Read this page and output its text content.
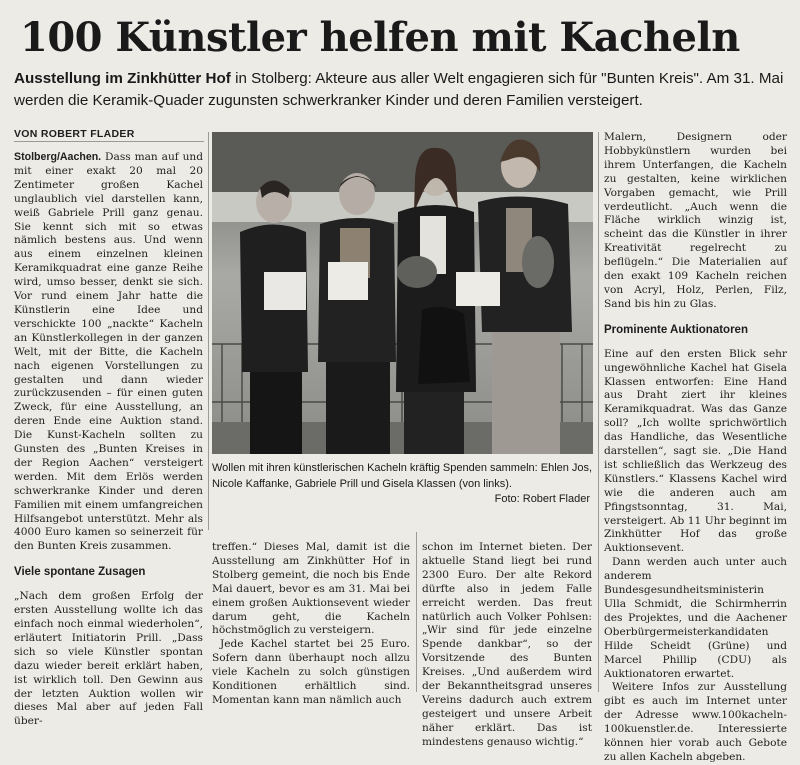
100 Künstler helfen mit Kacheln
Ausstellung im Zinkhütter Hof in Stolberg: Akteure aus aller Welt engagieren sich für "Bunten Kreis". Am 31. Mai werden die Keramik-Quader zugunsten schwerkranker Kinder und deren Familien versteigert.
VON ROBERT FLADER

Stolberg/Aachen. Dass man auf und mit einer exakt 20 mal 20 Zentimeter großen Kachel unglaublich viel darstellen kann, weiß Gabriele Prill ganz genau. Sie kennt sich mit so etwas nämlich bestens aus. Und wenn aus einem einzelnen kleinen Keramikquadrat eine ganze Reihe wird, umso besser, denkt sie sich. Vor rund einem Jahr hatte die Künstlerin eine Idee und verschickte 100 „nackte“ Kacheln an Künstlerkollegen in der ganzen Welt, mit der Bitte, die Kacheln nach eigenen Vorstellungen zu gestalten und dann wieder zurückzusenden – für einen guten Zweck, für eine Ausstellung, an deren Ende eine Auktion stand. Die Kunst-Kacheln sollten zu Gunsten des „Bunten Kreises in der Region Aachen“ versteigert werden. Mit dem Erlös werden schwerkranke Kinder und deren Familien mit einem umfangreichen Hilfsangebot unterstützt. Mehr als 4000 Euro kamen so seinerzeit für den Bunten Kreis zusammen.

Viele spontane Zusagen

„Nach dem großen Erfolg der ersten Ausstellung wollte ich das einfach noch einmal wiederholen“, erläutert Initiatorin Prill. „Dass sich so viele Künstler spontan dazu wieder bereit erklärt haben, ist wirklich toll. Den Gewinn aus der letzten Auktion wollen wir dieses Mal aber auf jeden Fall über-

Wollen mit ihren künstlerischen Kacheln kräftig Spenden sammeln: Ehlen Jos, Nicole Kaffanke, Gabriele Prill und Gisela Klassen (von links).
Foto: Robert Flader

treffen.“ Dieses Mal, damit ist die Ausstellung am Zinkhütter Hof in Stolberg gemeint, die noch bis Ende Mai dauert, bevor es am 31. Mai bei einem großen Auktionsevent wieder darum geht, die Kacheln höchstmöglich zu versteigern.

Jede Kachel startet bei 25 Euro. Sofern dann überhaupt noch allzu viele Kacheln zu solch günstigen Konditionen erhältlich sind. Momentan kann man nämlich auch

schon im Internet bieten. Der aktuelle Stand liegt bei rund 2300 Euro. Der alte Rekord dürfte also in jedem Falle erreicht werden. Das freut natürlich auch Volker Pohlsen: „Wir sind für jede einzelne Spende dankbar“, so der Vorsitzende des Bunten Kreises. „Und außerdem wird der Bekanntheitsgrad unseres Vereins dadurch auch extrem gesteigert und unsere Arbeit näher erklärt. Das ist mindestens genauso wichtig.“

Malern, Designern oder Hobbykünstlern wurden bei ihrem Unterfangen, die Kacheln zu gestalten, keine wirklichen Vorgaben gemacht, wie Prill verdeutlicht. „Auch wenn die Fläche wirklich winzig ist, scheint das die Künstler in ihrer Kreativität regelrecht zu beflügeln.“ Die Materialien auf den exakt 109 Kacheln reichen von Acryl, Holz, Perlen, Filz, Sand bis hin zu Glas.

Prominente Auktionatoren

Eine auf den ersten Blick sehr ungewöhnliche Kachel hat Gisela Klassen entworfen: Eine Hand aus Draht ziert ihr kleines Keramikquadrat. Was das Ganze soll? „Ich wollte sprichwörtlich das Handliche, das Wesentliche darstellen“, sagt sie. „Die Hand ist schließlich das Werkzeug des Künstlers.“ Klassens Kachel wird wie die anderen auch am Pfingstsonntag, 31. Mai, versteigert. Ab 11 Uhr beginnt im Zinkhütter Hof das große Auktionsevent.

Dann werden auch unter auch anderem Bundesgesundheitsministerin Ulla Schmidt, die Schirmherrin des Projektes, und die Aachener Oberbürgermeisterkandidaten Hilde Scheidt (Grüne) und Marcel Phillip (CDU) als Auktionatoren erwartet.

Weitere Infos zur Ausstellung gibt es auch im Internet unter der Adresse www.100kacheln-100kuenstler.de. Interessierte können hier vorab auch Gebote zu allen Kacheln abgeben.
